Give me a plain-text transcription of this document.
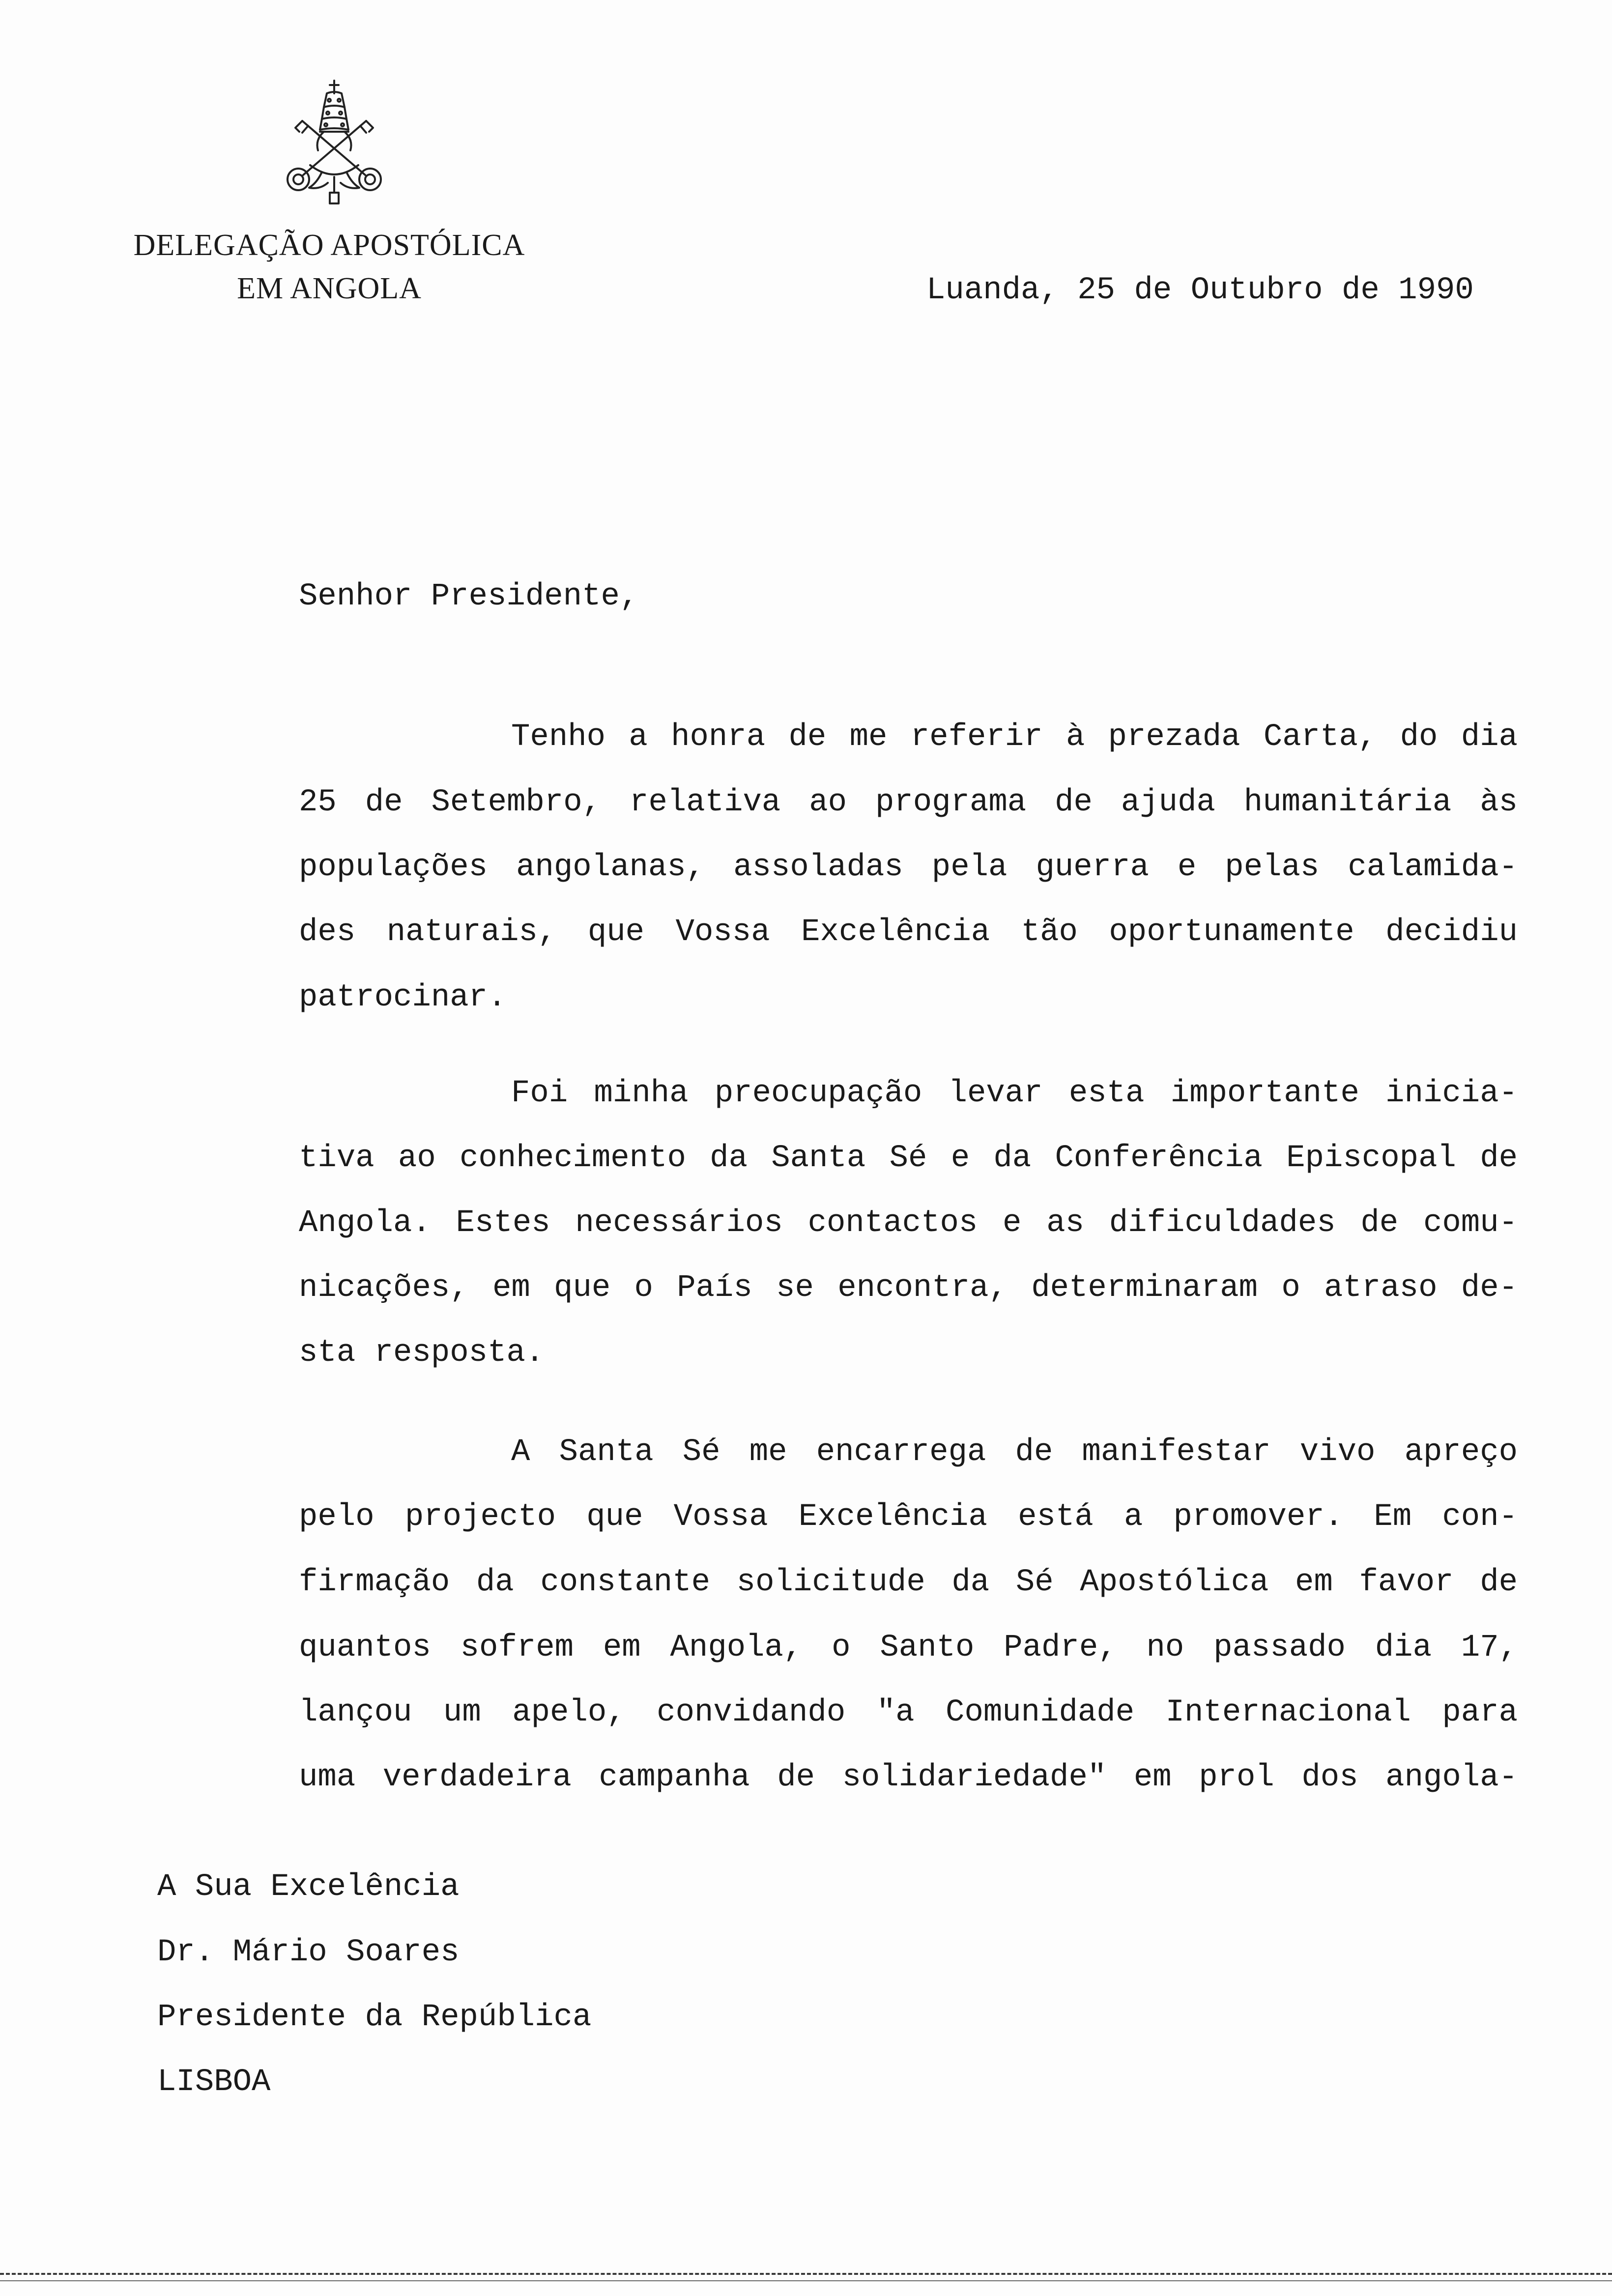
DELEGAÇÃO APOSTÓLICA
EM ANGOLA	Luanda, 25 de Outubro de 1990
Senhor Presidente,
Tenho a honra de me referir à prezada Carta, do dia
25 de Setembro, relativa ao programa de ajuda humanitária às
populações angolanas, assoladas pela guerra e pelas calamida-
des naturais, que Vossa Excelência tão oportunamente decidiu
patrocinar.
Foi minha preocupação levar esta importante inicia-
tiva ao conhecimento da Santa Sé e da Conferência Episcopal de
Angola. Estes necessários contactos e as dificuldades de comu-
nicações, em que o País se encontra, determinaram o atraso de-
sta resposta.
A Santa Sé me encarrega de manifestar vivo apreço
pelo projecto que Vossa Excelência está a promover. Em con-
firmação da constante solicitude da Sé Apostólica em favor de
quantos sofrem em Angola, o Santo Padre, no passado dia 17,
lançou um apelo, convidando "a Comunidade Internacional para
uma verdadeira campanha de solidariedade" em prol dos angola-
A Sua Excelência
Dr. Mário Soares
Presidente da República
LISBOA
